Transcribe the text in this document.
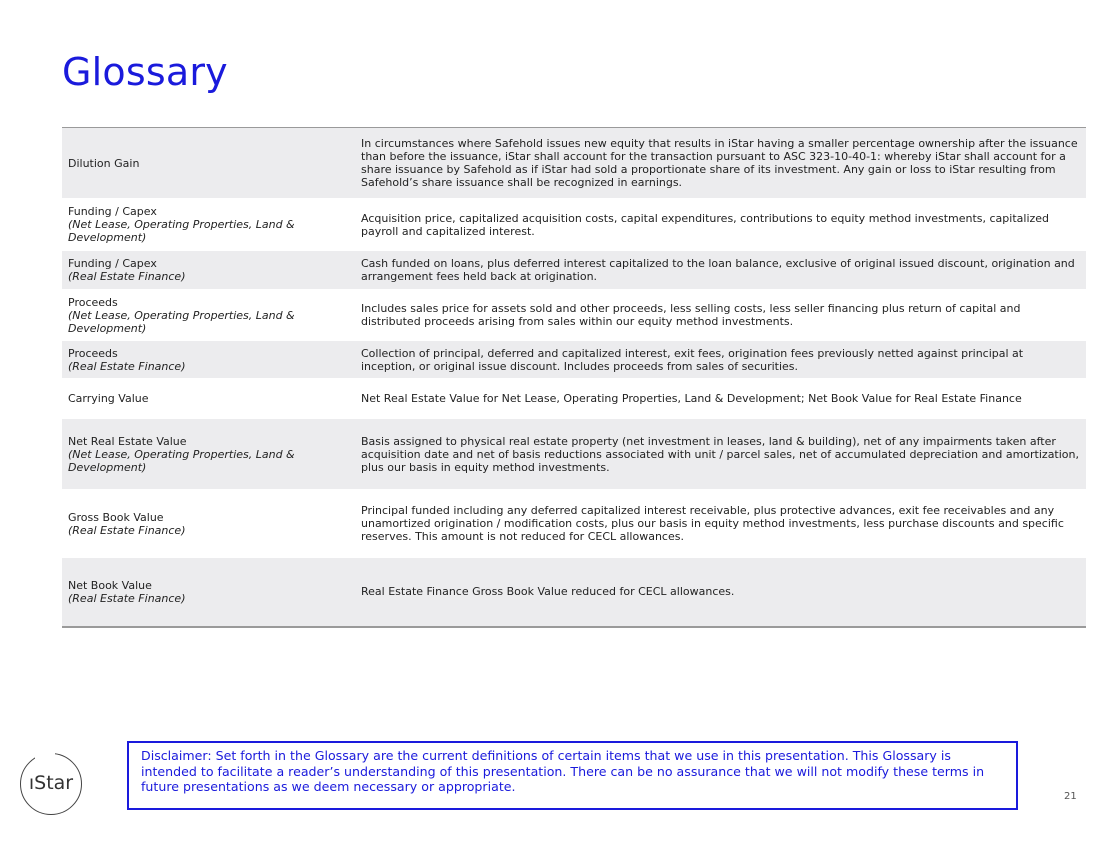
Glossary
Dilution Gain	In circumstances where Safehold issues new equity that results in iStar having a smaller percentage ownership after the issuance than before the issuance, iStar shall account for the transaction pursuant to ASC 323-10-40-1: whereby iStar shall account for a share issuance by Safehold as if iStar had sold a proportionate share of its investment. Any gain or loss to iStar resulting from Safehold’s share issuance shall be recognized in earnings.

Funding / Capex
(Net Lease, Operating Properties, Land & Development)	Acquisition price, capitalized acquisition costs, capital expenditures, contributions to equity method investments, capitalized payroll and capitalized interest.

Funding / Capex
(Real Estate Finance)	Cash funded on loans, plus deferred interest capitalized to the loan balance, exclusive of original issued discount, origination and arrangement fees held back at origination.

Proceeds
(Net Lease, Operating Properties, Land & Development)	Includes sales price for assets sold and other proceeds, less selling costs, less seller financing plus return of capital and distributed proceeds arising from sales within our equity method investments.

Proceeds
(Real Estate Finance)	Collection of principal, deferred and capitalized interest, exit fees, origination fees previously netted against principal at inception, or original issue discount. Includes proceeds from sales of securities.

Carrying Value	Net Real Estate Value for Net Lease, Operating Properties, Land & Development; Net Book Value for Real Estate Finance

Net Real Estate Value
(Net Lease, Operating Properties, Land & Development)	Basis assigned to physical real estate property (net investment in leases, land & building), net of any impairments taken after acquisition date and net of basis reductions associated with unit / parcel sales, net of accumulated depreciation and amortization, plus our basis in equity method investments.

Gross Book Value
(Real Estate Finance)	Principal funded including any deferred capitalized interest receivable, plus protective advances, exit fee receivables and any unamortized origination / modification costs, plus our basis in equity method investments, less purchase discounts and specific reserves. This amount is not reduced for CECL allowances.

Net Book Value
(Real Estate Finance)	Real Estate Finance Gross Book Value reduced for CECL allowances.
ıStar
Disclaimer: Set forth in the Glossary are the current definitions of certain items that we use in this presentation. This Glossary is intended to facilitate a reader’s understanding of this presentation. There can be no assurance that we will not modify these terms in future presentations as we deem necessary or appropriate.
21
